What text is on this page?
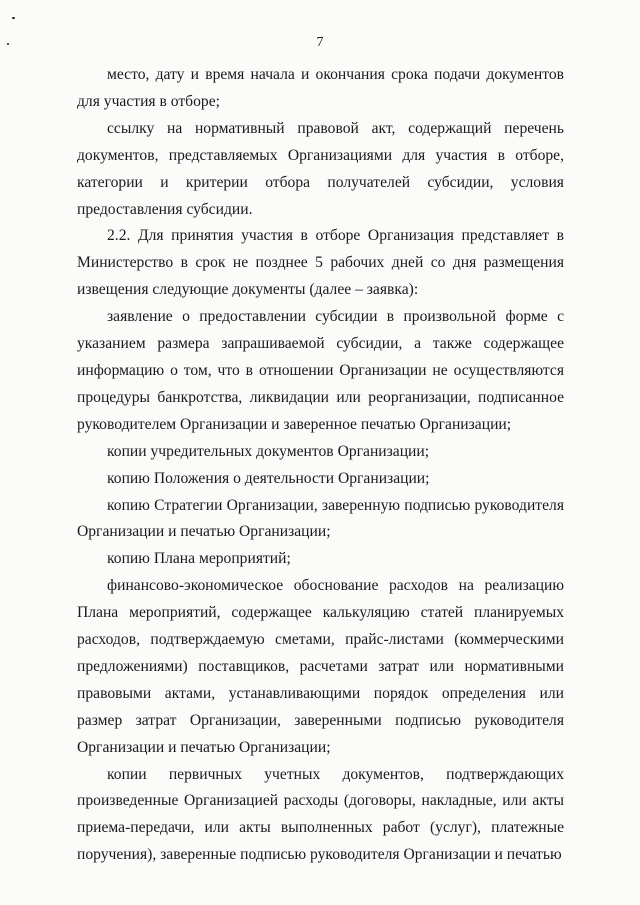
7

место, дату и время начала и окончания срока подачи документов для участия в отборе;

ссылку на нормативный правовой акт, содержащий перечень документов, представляемых Организациями для участия в отборе, категории и критерии отбора получателей субсидии, условия предоставления субсидии.

2.2. Для принятия участия в отборе Организация представляет в Министерство в срок не позднее 5 рабочих дней со дня размещения извещения следующие документы (далее – заявка):

заявление о предоставлении субсидии в произвольной форме с указанием размера запрашиваемой субсидии, а также содержащее информацию о том, что в отношении Организации не осуществляются процедуры банкротства, ликвидации или реорганизации, подписанное руководителем Организации и заверенное печатью Организации;

копии учредительных документов Организации;

копию Положения о деятельности Организации;

копию Стратегии Организации, заверенную подписью руководителя Организации и печатью Организации;

копию Плана мероприятий;

финансово-экономическое обоснование расходов на реализацию Плана мероприятий, содержащее калькуляцию статей планируемых расходов, подтверждаемую сметами, прайс-листами (коммерческими предложениями) поставщиков, расчетами затрат или нормативными правовыми актами, устанавливающими порядок определения или размер затрат Организации, заверенными подписью руководителя Организации и печатью Организации;

копии первичных учетных документов, подтверждающих произведенные Организацией расходы (договоры, накладные, или акты приема-передачи, или акты выполненных работ (услуг), платежные поручения), заверенные подписью руководителя Организации и печатью
